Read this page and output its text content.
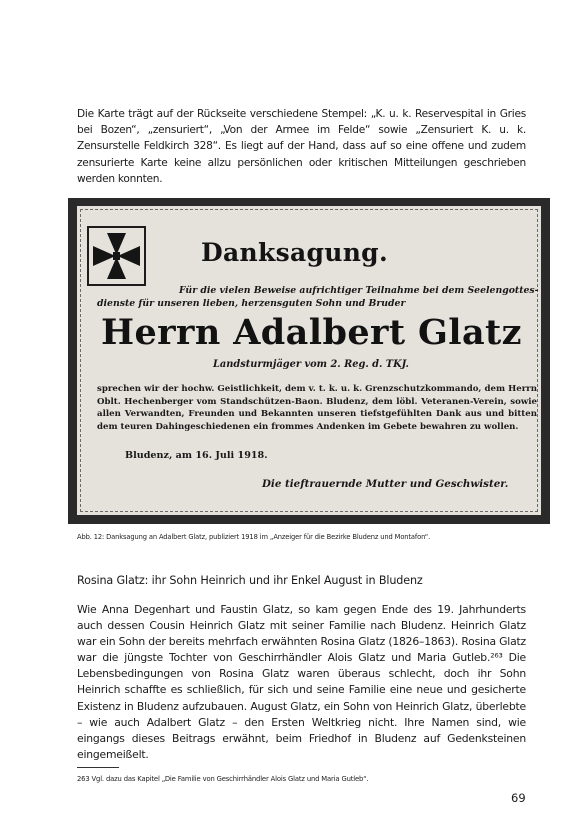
Die Karte trägt auf der Rückseite verschiedene Stempel: „K. u. k. Reservespital in Gries bei Bozen“, „zensuriert“, „Von der Armee im Felde“ sowie „Zensuriert K. u. k. Zensurstelle Feldkirch 328“. Es liegt auf der Hand, dass auf so eine offene und zudem zensurierte Karte keine allzu persönlichen oder kritischen Mitteilungen geschrieben werden konnten.

Danksagung.

Für die vielen Beweise aufrichtiger Teilnahme bei dem Seelengottes-

dienste für unseren lieben, herzensguten Sohn und Bruder

Herrn Adalbert Glatz

Landsturmjäger vom 2. Reg. d. TKJ.

sprechen wir der hochw. Geistlichkeit, dem v. t. k. u. k. Grenzschutzkommando, dem Herrn Oblt. Hechenberger vom Standschützen-Baon. Bludenz, dem löbl. Veteranen-Verein, sowie allen Verwandten, Freunden und Bekannten unseren tiefstgefühlten Dank aus und bitten dem teuren Dahingeschiedenen ein frommes Andenken im Gebete bewahren zu wollen.

Bludenz, am 16. Juli 1918.

Die tieftrauernde Mutter und Geschwister.

Abb. 12: Danksagung an Adalbert Glatz, publiziert 1918 im „Anzeiger für die Bezirke Bludenz und Montafon“.

Rosina Glatz: ihr Sohn Heinrich und ihr Enkel August in Bludenz

Wie Anna Degenhart und Faustin Glatz, so kam gegen Ende des 19. Jahrhunderts auch dessen Cousin Heinrich Glatz mit seiner Familie nach Bludenz. Heinrich Glatz war ein Sohn der bereits mehrfach erwähnten Rosina Glatz (1826–1863). Rosina Glatz war die jüngste Tochter von Geschirrhändler Alois Glatz und Maria Gutleb.²⁶³ Die Lebensbedingungen von Rosina Glatz waren überaus schlecht, doch ihr Sohn Heinrich schaffte es schließlich, für sich und seine Familie eine neue und gesicherte Existenz in Bludenz aufzubauen. August Glatz, ein Sohn von Heinrich Glatz, überlebte – wie auch Adalbert Glatz – den Ersten Weltkrieg nicht. Ihre Namen sind, wie eingangs dieses Beitrags erwähnt, beim Friedhof in Bludenz auf Gedenksteinen eingemeißelt.

263 Vgl. dazu das Kapitel „Die Familie von Geschirrhändler Alois Glatz und Maria Gutleb“.

69
